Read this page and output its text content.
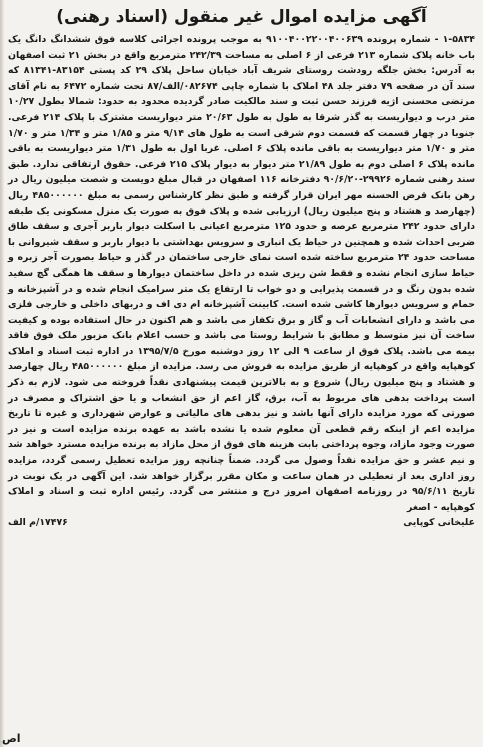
آگهی مزایده اموال غیر منقول (اسناد رهنی)

۱-۵۸۳۴ - شماره پرونده ۹۱۰۰۴۰۰۲۲۰۰۴۰۰۶۳۹ به موجب پرونده اجرائی کلاسه فوق ششدانگ دانگ یک باب خانه پلاک شماره ۲۱۳ فرعی از ۶ اصلی به مساحت ۲۴۲/۳۹ مترمربع واقع در بخش ۲۱ ثبت اصفهان به آدرس: بخش جلگه رودشت روستای شریف آباد خیابان ساحل پلاک ۲۹ کد پستی ۸۳۱۵۴-۸۱۳۴۱ که سند آن در صفحه ۷۹ دفتر جلد ۴۸ املاک با شماره چاپی ۰۸۲۶۷۴/الف/۸۷ تحت شماره ۶۴۷۲ به نام آقای مرتضی محسنی اژیه فرزند حسن ثبت و سند مالکیت صادر گردیده محدود به حدود: شمالا بطول ۱۰/۲۷ متر درب و دیواریست به گذر شرقا به طول به طول ۲۰/۶۳ متر دیواریست مشترک با پلاک ۲۱۴ فرعی. جنوبا در چهار قسمت که قسمت دوم شرقی است به طول های ۹/۱۴ متر و ۱/۸۵ متر و ۱/۳۴ متر و ۱/۷۰ متر و ۱/۷۰ متر دیواریست به باقی مانده پلاک ۶ اصلی. غربا اول به طول ۱/۳۱ متر دیواریست به باقی مانده پلاک ۶ اصلی دوم به طول ۲۱/۸۹ متر دیوار به دیوار پلاک ۲۱۵ فرعی. حقوق ارتفاقی ندارد. طبق سند رهنی شماره ۲۹۹۲۶-۹۰/۶/۲۰ دفترخانه ۱۱۶ اصفهان در قبال مبلغ دویست و شصت میلیون ریال در رهن بانک قرض الحسنه مهر ایران قرار گرفته و طبق نظر کارشناس رسمی به مبلغ ۴۸۵۰۰۰۰۰۰ ریال (چهارصد و هشتاد و پنج میلیون ریال) ارزیابی شده و پلاک فوق به صورت یک منزل مسکونی یک طبقه دارای حدود ۲۴۲ مترمربع عرصه و حدود ۱۲۵ مترمربع اعیانی با اسکلت دیوار باربر آجری و سقف طاق ضربی احداث شده و همچنین در حیاط یک انباری و سرویس بهداشتی با دیوار باربر و سقف شیروانی با مساحت حدود ۲۴ مترمربع ساخته شده است نمای خارجی ساختمان در گذر و حیاط بصورت آجر زبره و حیاط سازی انجام نشده و فقط شن ریزی شده در داخل ساختمان دیوارها و سقف ها همگی گچ سفید شده بدون رنگ و در قسمت پذیرایی و دو خواب تا ارتفاع یک متر سرامیک انجام شده و در آشپزخانه و حمام و سرویس دیوارها کاشی شده است. کابینت آشپزخانه ام دی اف و دربهای داخلی و خارجی فلزی می باشد و دارای انشعابات آب و گاز و برق تکفاز می باشد و هم اکنون در حال استفاده بوده و کیفیت ساخت آن نیز متوسط و مطابق با شرایط روستا می باشد و حسب اعلام بانک مزبور ملک فوق فاقد بیمه می باشد. پلاک فوق از ساعت ۹ الی ۱۲ روز دوشنبه مورخ ۱۳۹۵/۷/۵ در اداره ثبت اسناد و املاک کوهپایه واقع در کوهپایه از طریق مزایده به فروش می رسد. مزایده از مبلغ ۴۸۵۰۰۰۰۰۰ ریال چهارصد و هشتاد و پنج میلیون ریال) شروع و به بالاترین قیمت پیشنهادی نقداً فروخته می شود. لازم به ذکر است پرداخت بدهی های مربوط به آب، برق، گاز اعم از حق انشعاب و یا حق اشتراک و مصرف در صورتی که مورد مزایده دارای آنها باشد و نیز بدهی های مالیاتی و عوارض شهرداری و غیره تا تاریخ مزایده اعم از اینکه رقم قطعی آن معلوم شده یا نشده باشد به عهده برنده مزایده است و نیز در صورت وجود مازاد، وجوه پرداختی بابت هزینه های فوق از محل مازاد به برنده مزایده مسترد خواهد شد و نیم عشر و حق مزایده نقداً وصول می گردد. ضمناً چنانچه روز مزایده تعطیل رسمی گردد، مزایده روز اداری بعد از تعطیلی در همان ساعت و مکان مقرر برگزار خواهد شد. این آگهی در یک نوبت در تاریخ ۹۵/۶/۱۱ در روزنامه اصفهان امروز درج و منتشر می گردد. رئیس اداره ثبت و اسناد و املاک کوهپایه - اصغر

علیخانی کوپایی
۱۷۴۷۶/م الف
اص
